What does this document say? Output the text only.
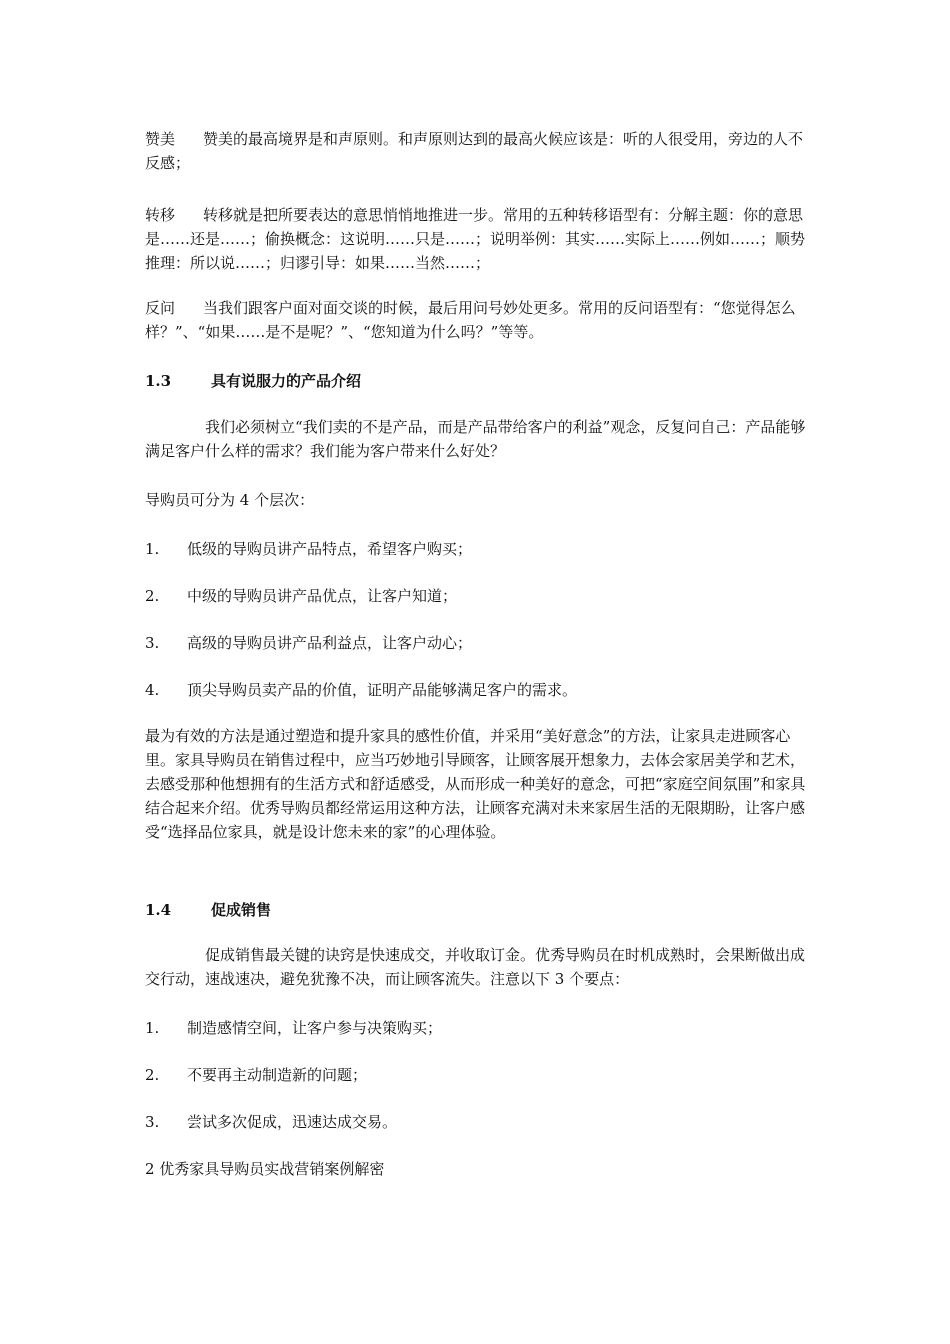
赞美 赞美的最高境界是和声原则。和声原则达到的最高火候应该是：听的人很受用，旁边的人不反感；

转移 转移就是把所要表达的意思悄悄地推进一步。常用的五种转移语型有：分解主题：你的意思是……还是……；偷换概念：这说明……只是……；说明举例：其实……实际上……例如……；顺势推理：所以说……；归谬引导：如果……当然……；

反问 当我们跟客户面对面交谈的时候，最后用问号妙处更多。常用的反问语型有：“您觉得怎么样？”、“如果……是不是呢？”、“您知道为什么吗？”等等。

1.3	具有说服力的产品介绍

我们必须树立“我们卖的不是产品，而是产品带给客户的利益”观念，反复问自己：产品能够满足客户什么样的需求？我们能为客户带来什么好处？

导购员可分为 4 个层次：

1. 低级的导购员讲产品特点，希望客户购买；

2. 中级的导购员讲产品优点，让客户知道；

3. 高级的导购员讲产品利益点，让客户动心；

4. 顶尖导购员卖产品的价值，证明产品能够满足客户的需求。

最为有效的方法是通过塑造和提升家具的感性价值，并采用“美好意念”的方法，让家具走进顾客心里。家具导购员在销售过程中，应当巧妙地引导顾客，让顾客展开想象力，去体会家居美学和艺术，去感受那种他想拥有的生活方式和舒适感受，从而形成一种美好的意念，可把“家庭空间氛围”和家具结合起来介绍。优秀导购员都经常运用这种方法，让顾客充满对未来家居生活的无限期盼，让客户感受“选择品位家具，就是设计您未来的家”的心理体验。

1.4	促成销售

促成销售最关键的诀窍是快速成交，并收取订金。优秀导购员在时机成熟时，会果断做出成交行动，速战速决，避免犹豫不决，而让顾客流失。注意以下 3 个要点：

1. 制造感情空间，让客户参与决策购买；

2. 不要再主动制造新的问题；

3. 尝试多次促成，迅速达成交易。

2 优秀家具导购员实战营销案例解密
